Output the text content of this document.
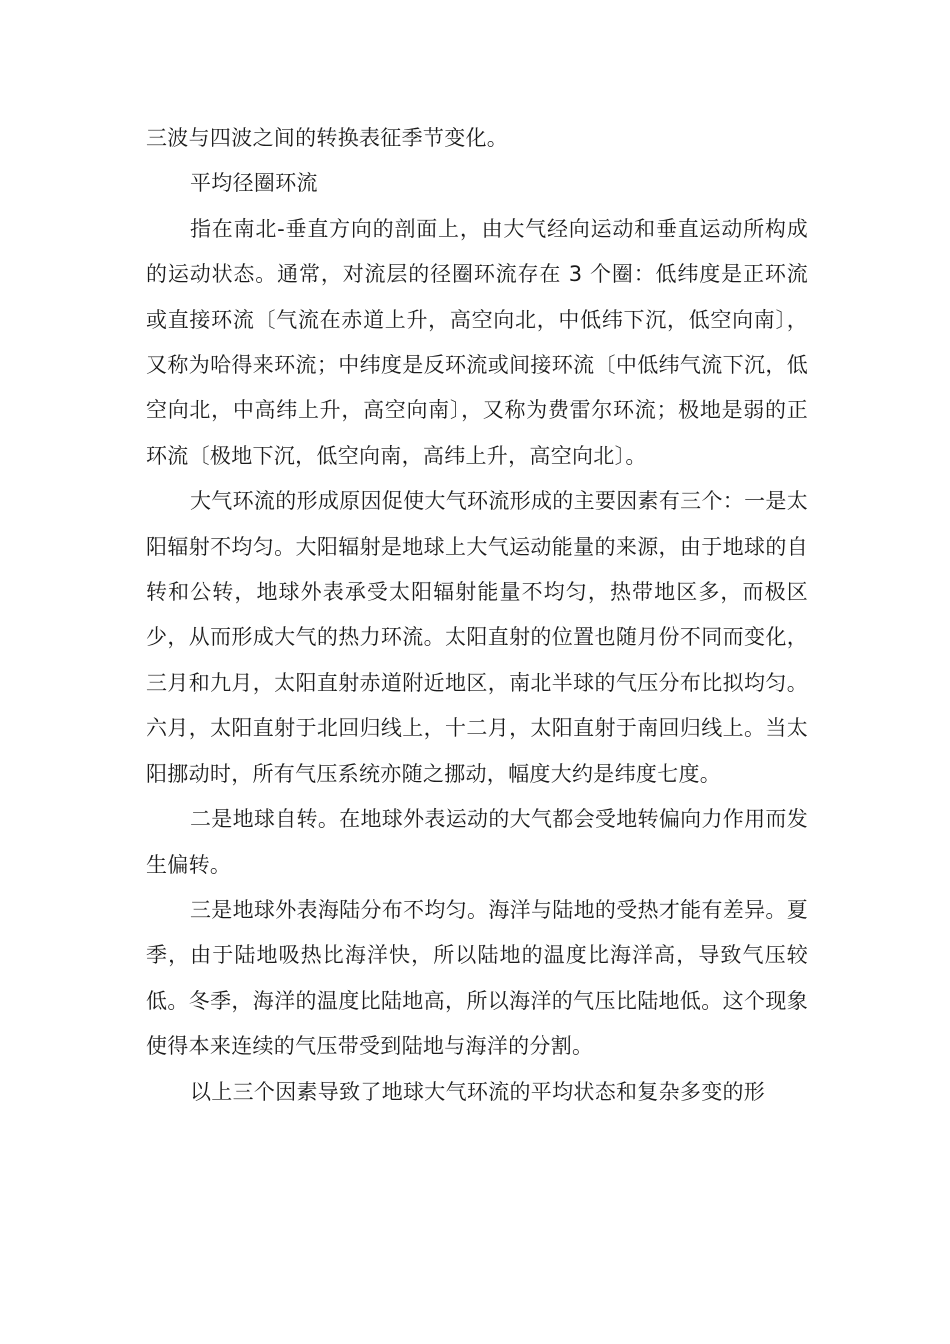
三波与四波之间的转换表征季节变化。

平均径圈环流

指在南北-垂直方向的剖面上，由大气经向运动和垂直运动所构成的运动状态。通常，对流层的径圈环流存在 3 个圈：低纬度是正环流或直接环流〔气流在赤道上升，高空向北，中低纬下沉，低空向南〕，又称为哈得来环流；中纬度是反环流或间接环流〔中低纬气流下沉，低空向北，中高纬上升，高空向南〕，又称为费雷尔环流；极地是弱的正环流〔极地下沉，低空向南，高纬上升，高空向北〕。

大气环流的形成原因促使大气环流形成的主要因素有三个：一是太阳辐射不均匀。大阳辐射是地球上大气运动能量的来源，由于地球的自转和公转，地球外表承受太阳辐射能量不均匀，热带地区多，而极区少，从而形成大气的热力环流。太阳直射的位置也随月份不同而变化，三月和九月，太阳直射赤道附近地区，南北半球的气压分布比拟均匀。六月，太阳直射于北回归线上，十二月，太阳直射于南回归线上。当太阳挪动时，所有气压系统亦随之挪动，幅度大约是纬度七度。

二是地球自转。在地球外表运动的大气都会受地转偏向力作用而发生偏转。

三是地球外表海陆分布不均匀。海洋与陆地的受热才能有差异。夏季，由于陆地吸热比海洋快，所以陆地的温度比海洋高，导致气压较低。冬季，海洋的温度比陆地高，所以海洋的气压比陆地低。这个现象使得本来连续的气压带受到陆地与海洋的分割。

以上三个因素导致了地球大气环流的平均状态和复杂多变的形
